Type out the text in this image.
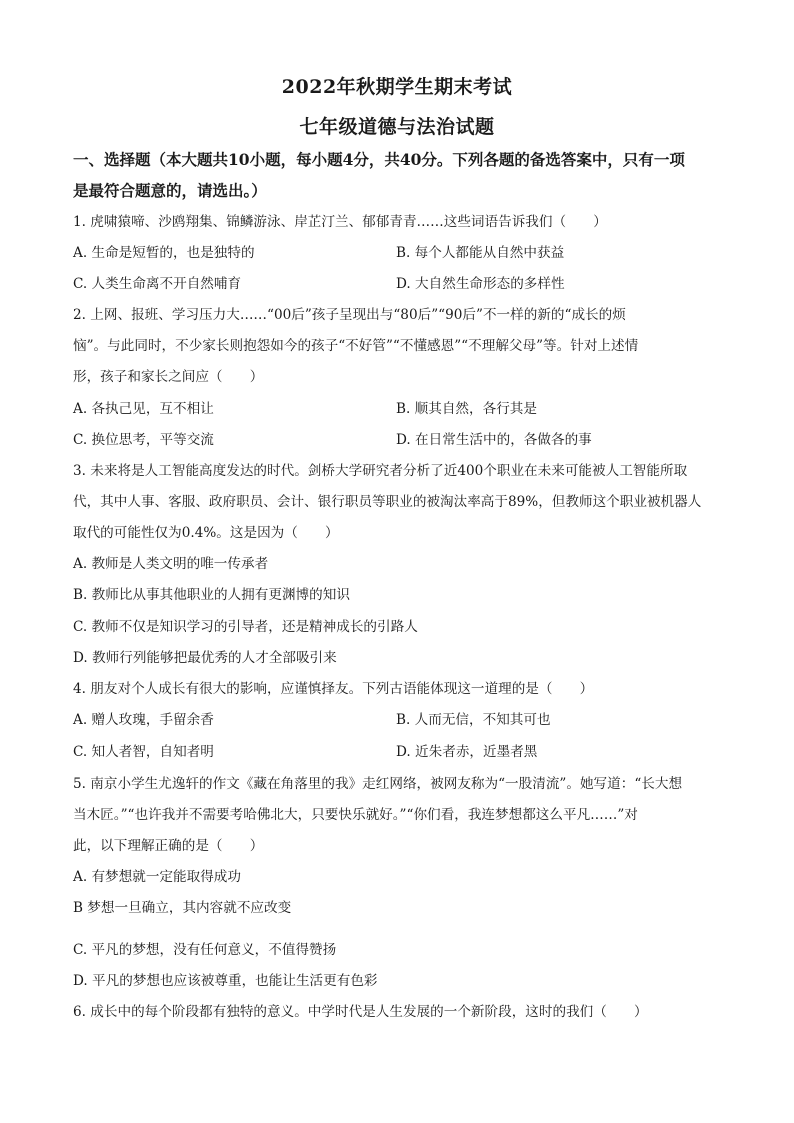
2022年秋期学生期末考试
七年级道德与法治试题
一、选择题（本大题共10小题，每小题4分，共40分。下列各题的备选答案中，只有一项
是最符合题意的，请选出。）
1. 虎啸猿啼、沙鸥翔集、锦鳞游泳、岸芷汀兰、郁郁青青……这些词语告诉我们（　　）
A. 生命是短暂的，也是独特的	B. 每个人都能从自然中获益
C. 人类生命离不开自然哺育	D. 大自然生命形态的多样性
2. 上网、报班、学习压力大……“00后”孩子呈现出与“80后”“90后”不一样的新的“成长的烦
恼”。与此同时，不少家长则抱怨如今的孩子“不好管”“不懂感恩”“不理解父母”等。针对上述情
形，孩子和家长之间应（　　）
A. 各执己见，互不相让	B. 顺其自然，各行其是
C. 换位思考，平等交流	D. 在日常生活中的，各做各的事
3. 未来将是人工智能高度发达的时代。剑桥大学研究者分析了近400个职业在未来可能被人工智能所取
代，其中人事、客服、政府职员、会计、银行职员等职业的被淘汰率高于89%，但教师这个职业被机器人
取代的可能性仅为0.4%。这是因为（　　）
A. 教师是人类文明的唯一传承者
B. 教师比从事其他职业的人拥有更渊博的知识
C. 教师不仅是知识学习的引导者，还是精神成长的引路人
D. 教师行列能够把最优秀的人才全部吸引来
4. 朋友对个人成长有很大的影响，应谨慎择友。下列古语能体现这一道理的是（　　）
A. 赠人玫瑰，手留余香	B. 人而无信，不知其可也
C. 知人者智，自知者明	D. 近朱者赤，近墨者黑
5. 南京小学生尤逸轩的作文《藏在角落里的我》走红网络，被网友称为“一股清流”。她写道：“长大想
当木匠。”“也许我并不需要考哈佛北大，只要快乐就好。”“你们看，我连梦想都这么平凡……”对
此，以下理解正确的是（　　）
A. 有梦想就一定能取得成功
B 梦想一旦确立，其内容就不应改变
C. 平凡的梦想，没有任何意义，不值得赞扬
D. 平凡的梦想也应该被尊重，也能让生活更有色彩
6. 成长中的每个阶段都有独特的意义。中学时代是人生发展的一个新阶段，这时的我们（　　）
